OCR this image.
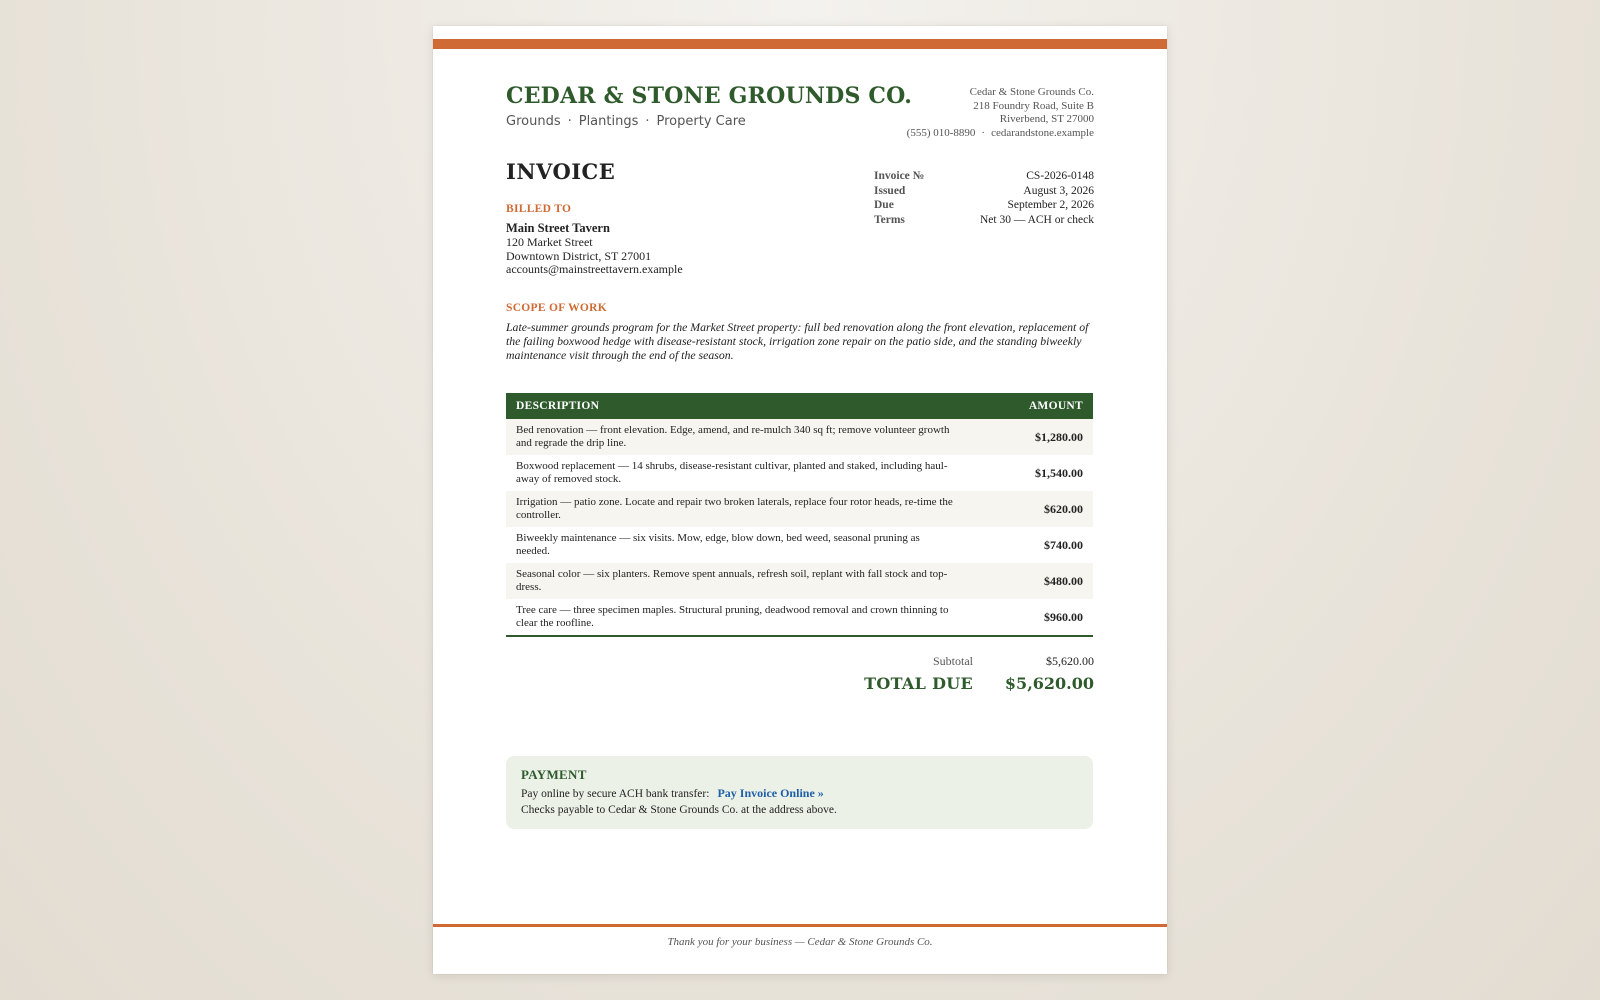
CEDAR & STONE GROUNDS CO.
Grounds · Plantings · Property Care
Cedar & Stone Grounds Co.
218 Foundry Road, Suite B
Riverbend, ST 27000
(555) 010-8890 · cedarandstone.example
INVOICE	Invoice №	CS-2026-0148
Issued	August 3, 2026
Due	September 2, 2026
Terms	Net 30 — ACH or check
BILLED TO
Main Street Tavern
120 Market Street
Downtown District, ST 27001
accounts@mainstreettavern.example
SCOPE OF WORK
Late-summer grounds program for the Market Street property: full bed renovation along the front elevation, replacement of the failing boxwood hedge with disease-resistant stock, irrigation zone repair on the patio side, and the standing biweekly maintenance visit through the end of the season.
DESCRIPTION	AMOUNT
Bed renovation — front elevation. Edge, amend, and re-mulch 340 sq ft; remove volunteer growth and regrade the drip line.	$1,280.00
Boxwood replacement — 14 shrubs, disease-resistant cultivar, planted and staked, including haul-away of removed stock.	$1,540.00
Irrigation — patio zone. Locate and repair two broken laterals, replace four rotor heads, re-time the controller.	$620.00
Biweekly maintenance — six visits. Mow, edge, blow down, bed weed, seasonal pruning as needed.	$740.00
Seasonal color — six planters. Remove spent annuals, refresh soil, replant with fall stock and top-dress.	$480.00
Tree care — three specimen maples. Structural pruning, deadwood removal and crown thinning to clear the roofline.	$960.00
Subtotal	$5,620.00
TOTAL DUE $5,620.00
PAYMENT
Pay online by secure ACH bank transfer: Pay Invoice Online »
Checks payable to Cedar & Stone Grounds Co. at the address above.
Thank you for your business — Cedar & Stone Grounds Co.
